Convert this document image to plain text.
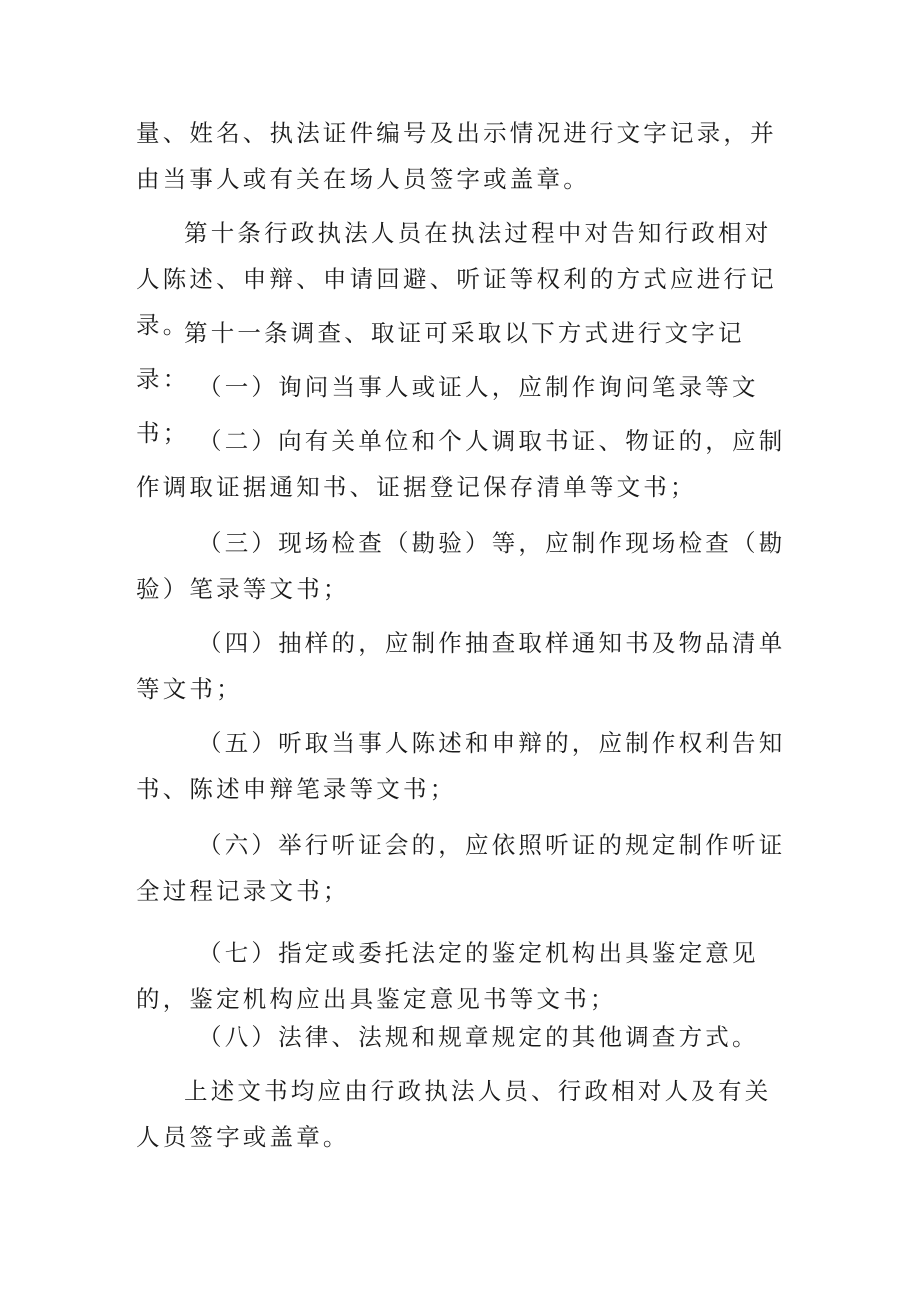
量、姓名、执法证件编号及出示情况进行文字记录，并由当事人或有关在场人员签字或盖章。

第十条行政执法人员在执法过程中对告知行政相对人陈述、申辩、申请回避、听证等权利的方式应进行记录。

第十一条调查、取证可采取以下方式进行文字记录： （一）询问当事人或证人，应制作询问笔录等文书； （二）向有关单位和个人调取书证、物证的，应制作调取证据通知书、证据登记保存清单等文书；

（三）现场检查（勘验）等，应制作现场检查（勘验）笔录等文书；

（四）抽样的，应制作抽查取样通知书及物品清单等文书；

（五）听取当事人陈述和申辩的，应制作权利告知书、陈述申辩笔录等文书；

（六）举行听证会的，应依照听证的规定制作听证全过程记录文书；

（七）指定或委托法定的鉴定机构出具鉴定意见的，鉴定机构应出具鉴定意见书等文书；

（八）法律、法规和规章规定的其他调查方式。

上述文书均应由行政执法人员、行政相对人及有关人员签字或盖章。
